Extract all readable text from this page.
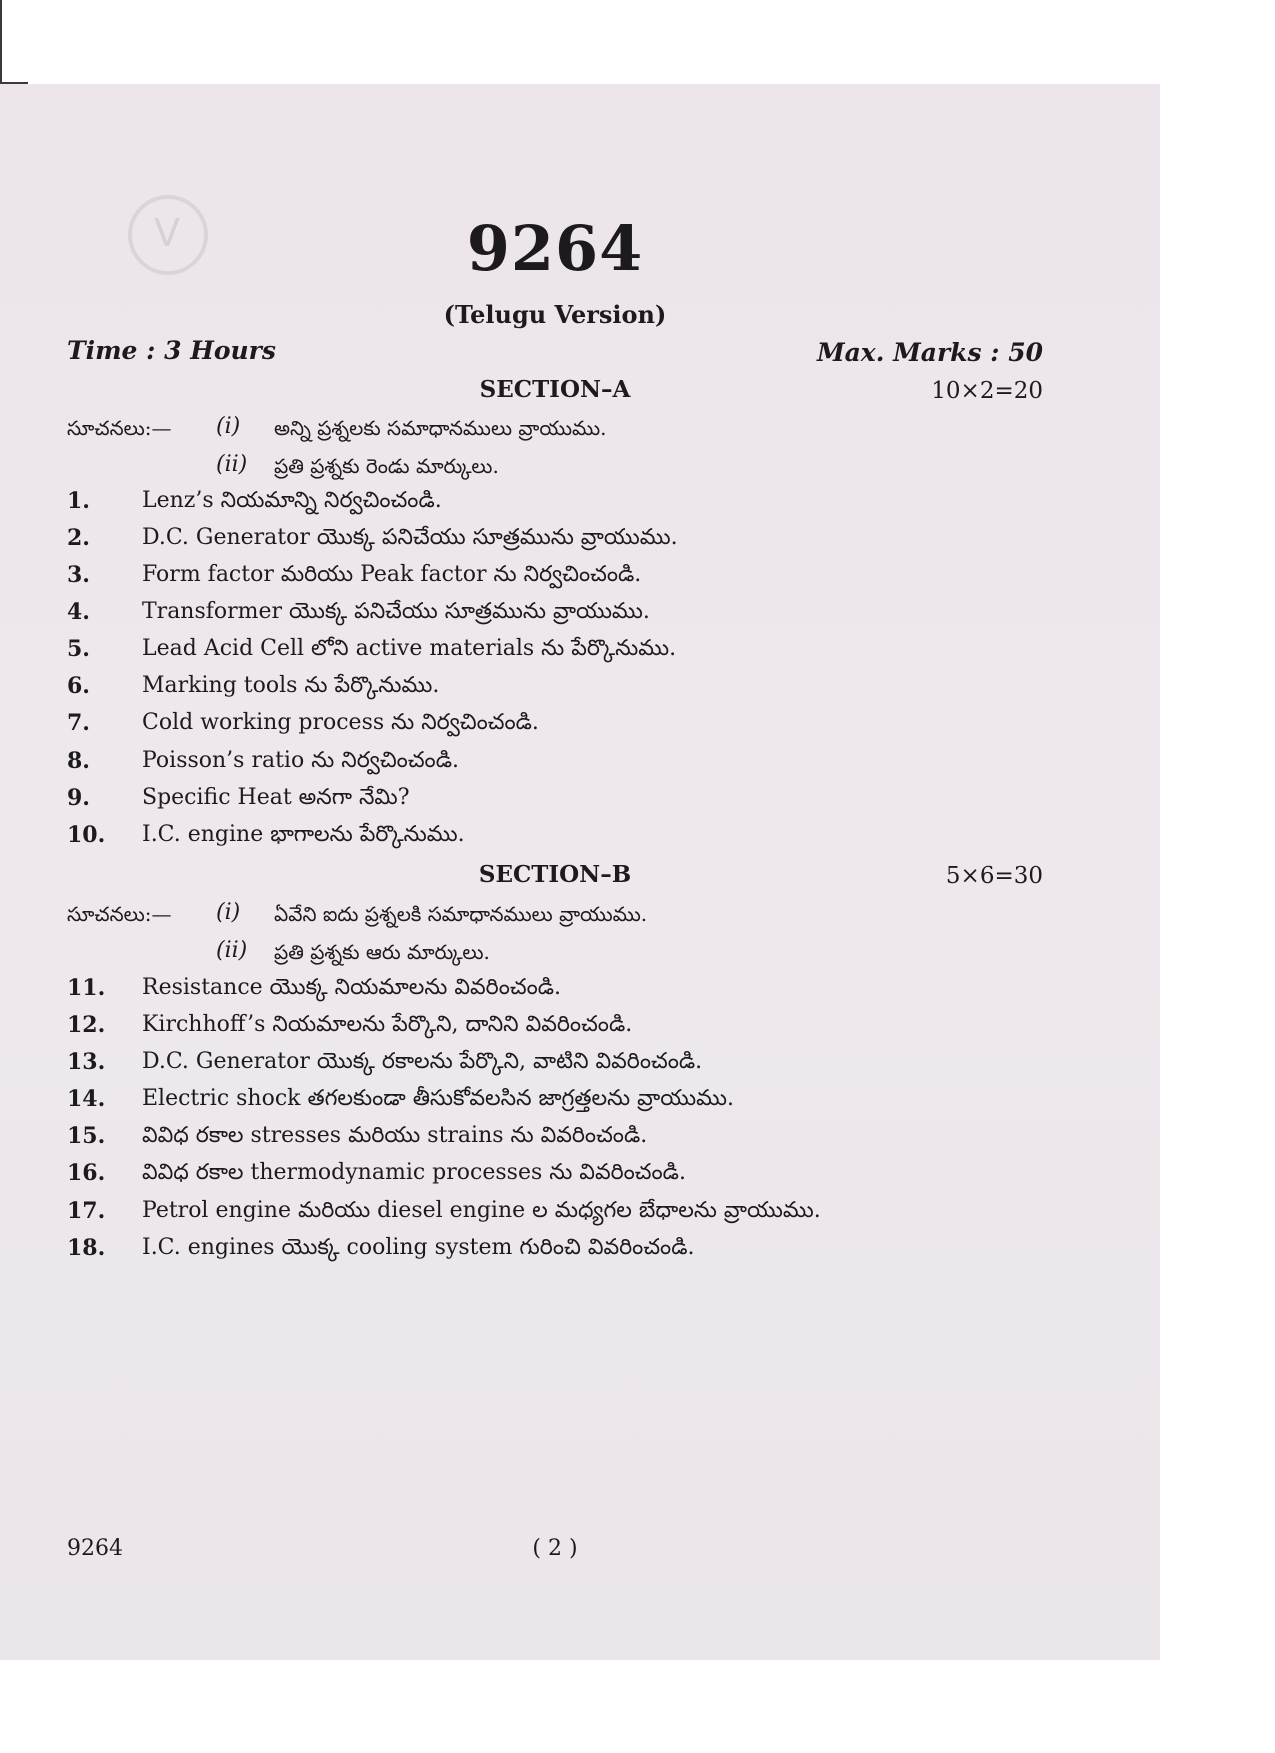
V	9264
(Telugu Version)
Time : 3 Hours	Max. Marks : 50
SECTION–A	10×2=20
సూచనలు:— (i) అన్ని ప్రశ్నలకు సమాధానములు వ్రాయుము.
(ii) ప్రతి ప్రశ్నకు రెండు మార్కులు.
1. Lenz’s నియమాన్ని నిర్వచించండి.
2. D.C. Generator యొక్క పనిచేయు సూత్రమును వ్రాయుము.
3. Form factor మరియు Peak factor ను నిర్వచించండి.
4. Transformer యొక్క పనిచేయు సూత్రమును వ్రాయుము.
5. Lead Acid Cell లోని active materials ను పేర్కొనుము.
6. Marking tools ను పేర్కొనుము.
7. Cold working process ను నిర్వచించండి.
8. Poisson’s ratio ను నిర్వచించండి.
9. Specific Heat అనగా నేమి?
10. I.C. engine భాగాలను పేర్కొనుము.
SECTION–B	5×6=30
సూచనలు:— (i) ఏవేని ఐదు ప్రశ్నలకి సమాధానములు వ్రాయుము.
(ii) ప్రతి ప్రశ్నకు ఆరు మార్కులు.
11. Resistance యొక్క నియమాలను వివరించండి.
12. Kirchhoff’s నియమాలను పేర్కొని, దానిని వివరించండి.
13. D.C. Generator యొక్క రకాలను పేర్కొని, వాటిని వివరించండి.
14. Electric shock తగలకుండా తీసుకోవలసిన జాగ్రత్తలను వ్రాయుము.
15. వివిధ రకాల stresses మరియు strains ను వివరించండి.
16. వివిధ రకాల thermodynamic processes ను వివరించండి.
17. Petrol engine మరియు diesel engine ల మధ్యగల బేధాలను వ్రాయుము.
18. I.C. engines యొక్క cooling system గురించి వివరించండి.
9264	( 2 )
